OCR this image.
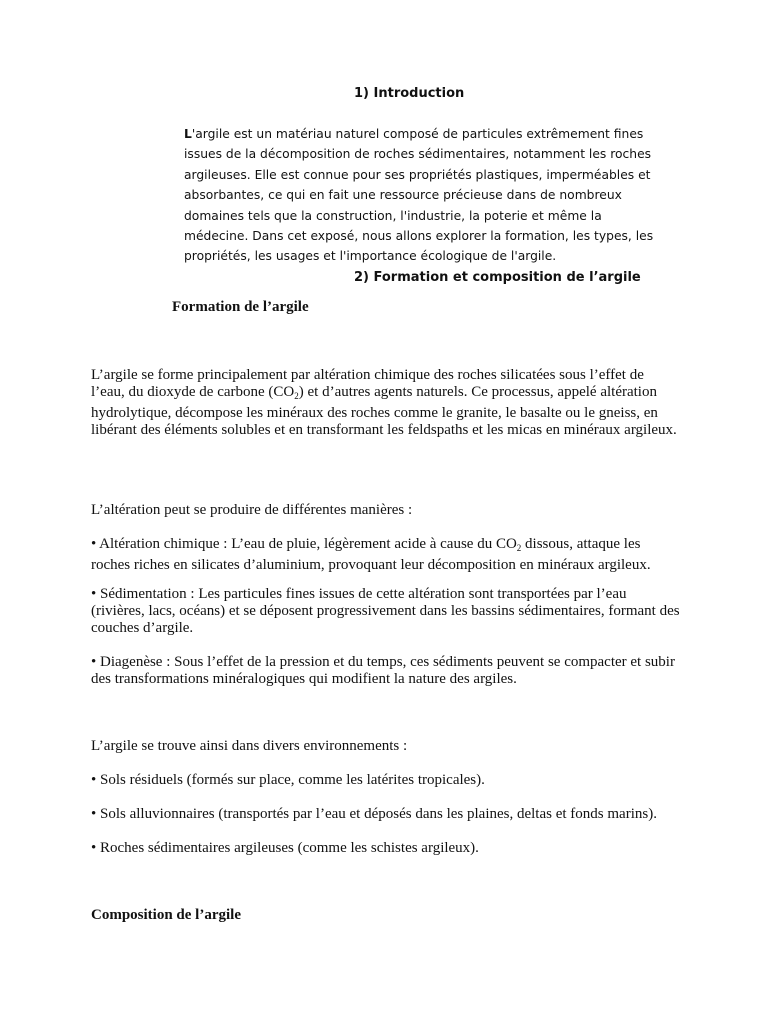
1) Introduction
L'argile est un matériau naturel composé de particules extrêmement fines issues de la décomposition de roches sédimentaires, notamment les roches argileuses. Elle est connue pour ses propriétés plastiques, imperméables et absorbantes, ce qui en fait une ressource précieuse dans de nombreux domaines tels que la construction, l'industrie, la poterie et même la médecine. Dans cet exposé, nous allons explorer la formation, les types, les propriétés, les usages et l'importance écologique de l'argile.
2) Formation et composition de l’argile
Formation de l’argile
L’argile se forme principalement par altération chimique des roches silicatées sous l’effet de l’eau, du dioxyde de carbone $(CO_2)$ et d’autres agents naturels. Ce processus, appelé altération hydrolytique, décompose les minéraux des roches comme le granite, le basalte ou le gneiss, en libérant des éléments solubles et en transformant les feldspaths et les micas en minéraux argileux.
L’altération peut se produire de différentes manières :
• Altération chimique : L’eau de pluie, légèrement acide à cause du $CO_2$ dissous, attaque les roches riches en silicates d’aluminium, provoquant leur décomposition en minéraux argileux.
• Sédimentation : Les particules fines issues de cette altération sont transportées par l’eau (rivières, lacs, océans) et se déposent progressivement dans les bassins sédimentaires, formant des couches d’argile.
• Diagenèse : Sous l’effet de la pression et du temps, ces sédiments peuvent se compacter et subir des transformations minéralogiques qui modifient la nature des argiles.
L’argile se trouve ainsi dans divers environnements :
• Sols résiduels (formés sur place, comme les latérites tropicales).
• Sols alluvionnaires (transportés par l’eau et déposés dans les plaines, deltas et fonds marins).
• Roches sédimentaires argileuses (comme les schistes argileux).
Composition de l’argile
